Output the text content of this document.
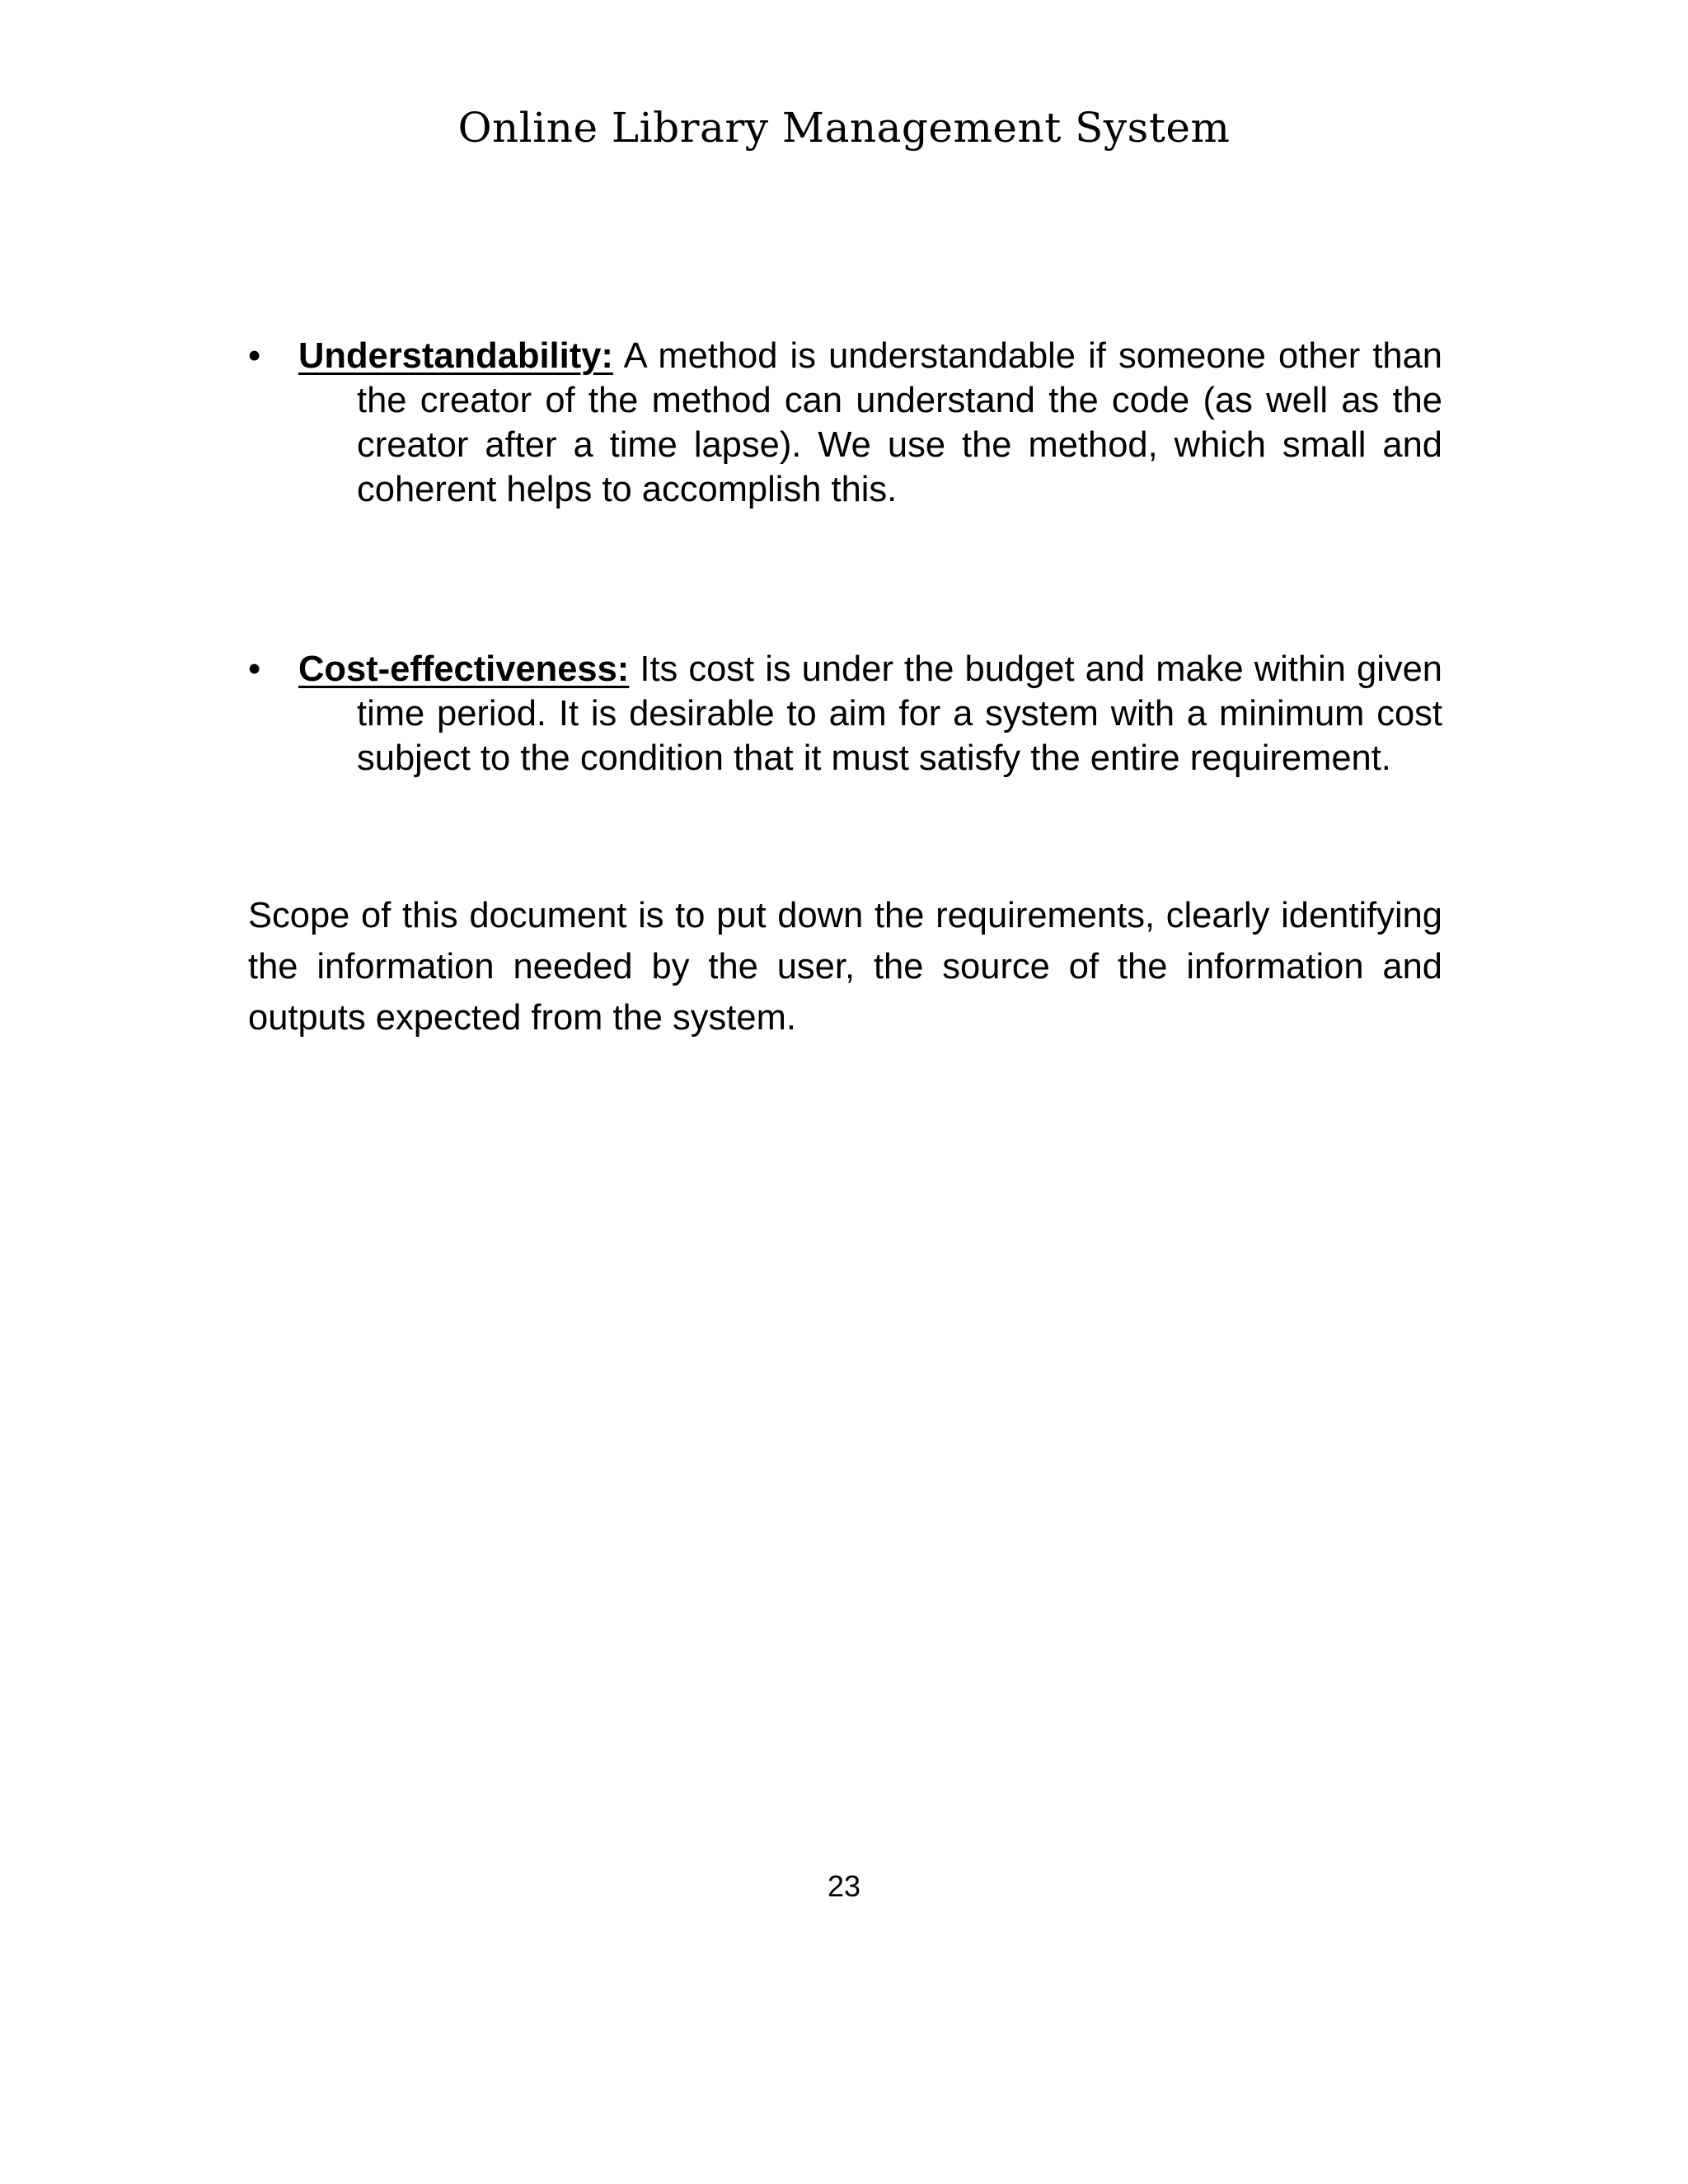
Online Library Management System
• Understandability: A method is understandable if someone other than the creator of the method can understand the code (as well as the creator after a time lapse). We use the method, which small and coherent helps to accomplish this.
• Cost-effectiveness: Its cost is under the budget and make within given time period. It is desirable to aim for a system with a minimum cost subject to the condition that it must satisfy the entire requirement.

Scope of this document is to put down the requirements, clearly identifying the information needed by the user, the source of the information and outputs expected from the system.

23
